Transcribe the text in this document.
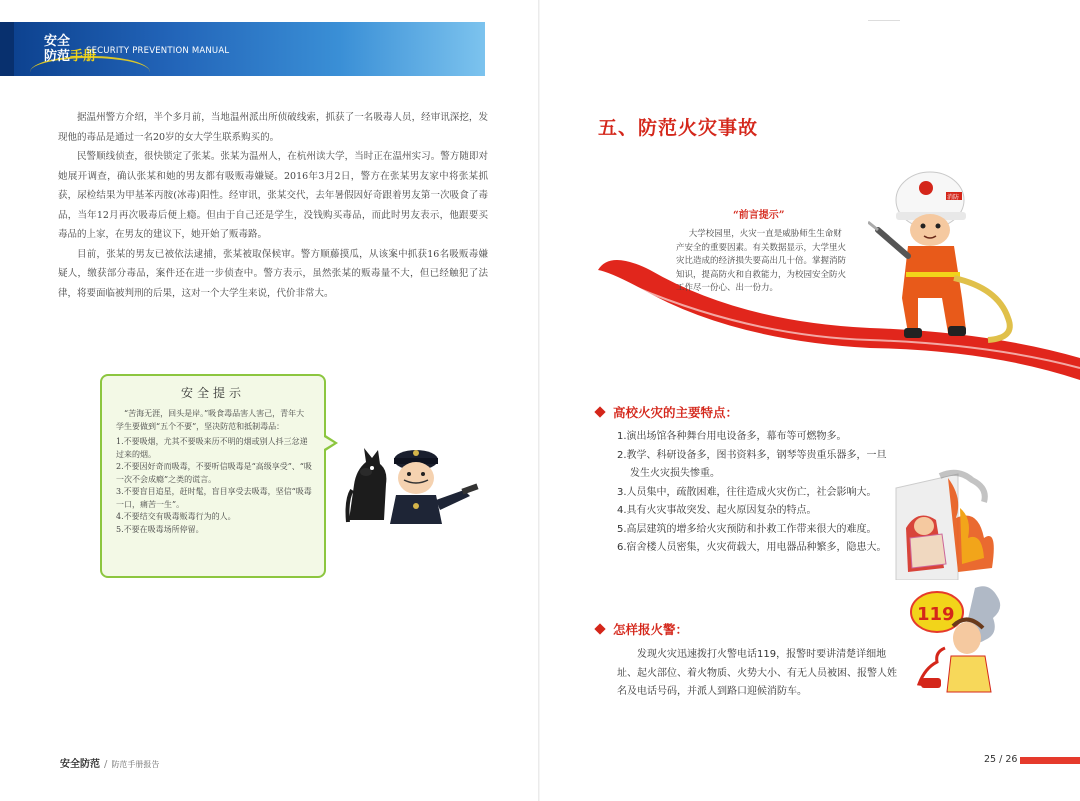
安全
防范手册
SECURITY PREVENTION MANUAL

据温州警方介绍，半个多月前，当地温州派出所侦破线索，抓获了一名吸毒人员，经审讯深挖，发现他的毒品是通过一名20岁的女大学生联系购买的。

民警顺线侦查，很快锁定了张某。张某为温州人，在杭州读大学，当时正在温州实习。警方随即对她展开调查，确认张某和她的男友都有吸贩毒嫌疑。2016年3月2日，警方在张某男友家中将张某抓获，尿检结果为甲基苯丙胺(冰毒)阳性。经审讯，张某交代，去年暑假因好奇跟着男友第一次吸食了毒品，当年12月再次吸毒后便上瘾。但由于自己还是学生，没钱购买毒品，而此时男友表示，他跟要买毒品的上家，在男友的建议下，她开始了贩毒路。

目前，张某的男友已被依法逮捕，张某被取保候审。警方顺藤摸瓜，从该案中抓获16名吸贩毒嫌疑人，缴获部分毒品，案件还在进一步侦查中。警方表示，虽然张某的贩毒量不大，但已经触犯了法律，将要面临被判刑的后果，这对一个大学生来说，代价非常大。

安全提示
“苦海无涯，回头是岸。”吸食毒品害人害己，青年大学生要做到“五个不要”，坚决防范和抵制毒品：
1.不要吸烟，尤其不要吸来历不明的烟或别人抖三忿递过来的烟。
2.不要因好奇而吸毒，不要听信吸毒是“高级享受”、“吸一次不会成瘾”之类的谎言。
3.不要盲目追星，赶时髦，盲目享受去吸毒，坚信“吸毒一口，痛苦一生”。
4.不要结交有吸毒贩毒行为的人。
5.不要在吸毒场所停留。
五、防范火灾事故
“前言提示”
大学校园里，火灾一直是威胁师生生命财产安全的重要因素。有关数据显示，大学里火灾比造成的经济损失要高出几十倍。掌握消防知识，提高防火和自救能力，为校园安全防火工作尽一份心、出一份力。
消防
高校火灾的主要特点：
1.演出场馆各种舞台用电设备多，幕布等可燃物多。
2.教学、科研设备多，图书资料多，钢琴等贵重乐器多，一旦
发生火灾损失惨重。
3.人员集中，疏散困难，往往造成火灾伤亡，社会影响大。
4.具有火灾事故突发、起火原因复杂的特点。
5.高层建筑的增多给火灾预防和扑救工作带来很大的难度。
6.宿舍楼人员密集，火灾荷载大，用电器品种繁多，隐患大。
怎样报火警：
发现火灾迅速拨打火警电话119，报警时要讲清楚详细地址、起火部位、着火物质、火势大小、有无人员被困、报警人姓名及电话号码，并派人到路口迎候消防车。
119
安全防范 / 防范手册报告	25 / 26
